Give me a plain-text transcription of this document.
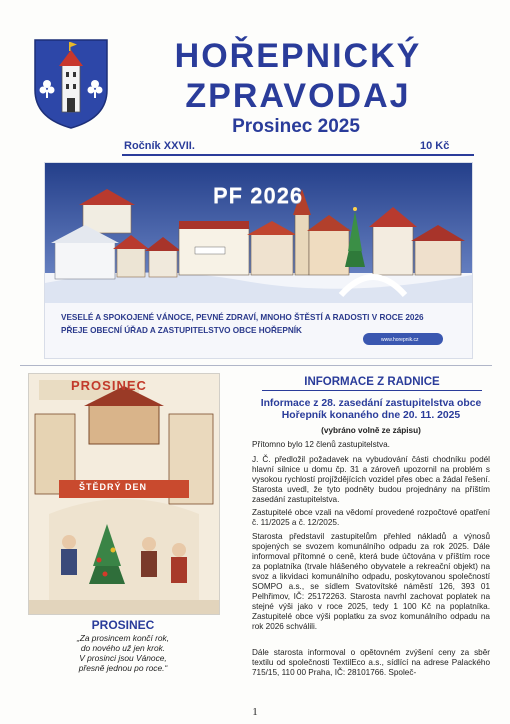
HOŘEPNICKÝ
ZPRAVODAJ
Prosinec 2025
Ročník XXVII.	10 Kč
PF 2026
VESELÉ A SPOKOJENÉ VÁNOCE, PEVNÉ ZDRAVÍ, MNOHO ŠTĚSTÍ A RADOSTI V ROCE 2026
PŘEJE OBECNÍ ÚŘAD A ZASTUPITELSTVO OBCE HOŘEPNÍK
www.horepnik.cz
PROSINEC
ŠTĚDRÝ DEN
PROSINEC
„Za prosincem končí rok,
do nového už jen krok.
V prosinci jsou Vánoce,
přesně jednou po roce.“
INFORMACE Z RADNICE
Informace z 28. zasedání zastupitelstva obce
Hořepník konaného dne 20. 11. 2025
(vybráno volně ze zápisu)
Přítomno bylo 12 členů zastupitelstva.
J. Č. předložil požadavek na vybudování části chodníku podél hlavní silnice u domu čp. 31 a zároveň upozornil na problém s vysokou rychlostí projíždějících vozidel přes obec a žádal řešení. Starosta uvedl, že tyto podněty budou projednány na příštím zasedání zastupitelstva.
Zastupitelé obce vzali na vědomí provedené rozpočtové opatření č. 11/2025 a č. 12/2025.
Starosta představil zastupitelům přehled nákladů a výnosů spojených se svozem komunálního odpadu za rok 2025. Dále informoval přítomné o ceně, která bude účtována v příštím roce za poplatníka (trvale hlášeného obyvatele a rekreační objekt) na svoz a likvidaci komunálního odpadu, poskytovanou společností SOMPO a.s., se sídlem Svatovítské náměstí 126, 393 01 Pelhřimov, IČ: 25172263. Starosta navrhl zachovat poplatek na stejné výši jako v roce 2025, tedy 1 100 Kč na poplatníka. Zastupitelé obce výši poplatku za svoz komunálního odpadu na rok 2026 schválili.
Dále starosta informoval o opětovném zvýšení ceny za sběr textilu od společnosti TextilEco a.s., sídlící na adrese Palackého 715/15, 110 00 Praha, IČ: 28101766. Společ-
1
